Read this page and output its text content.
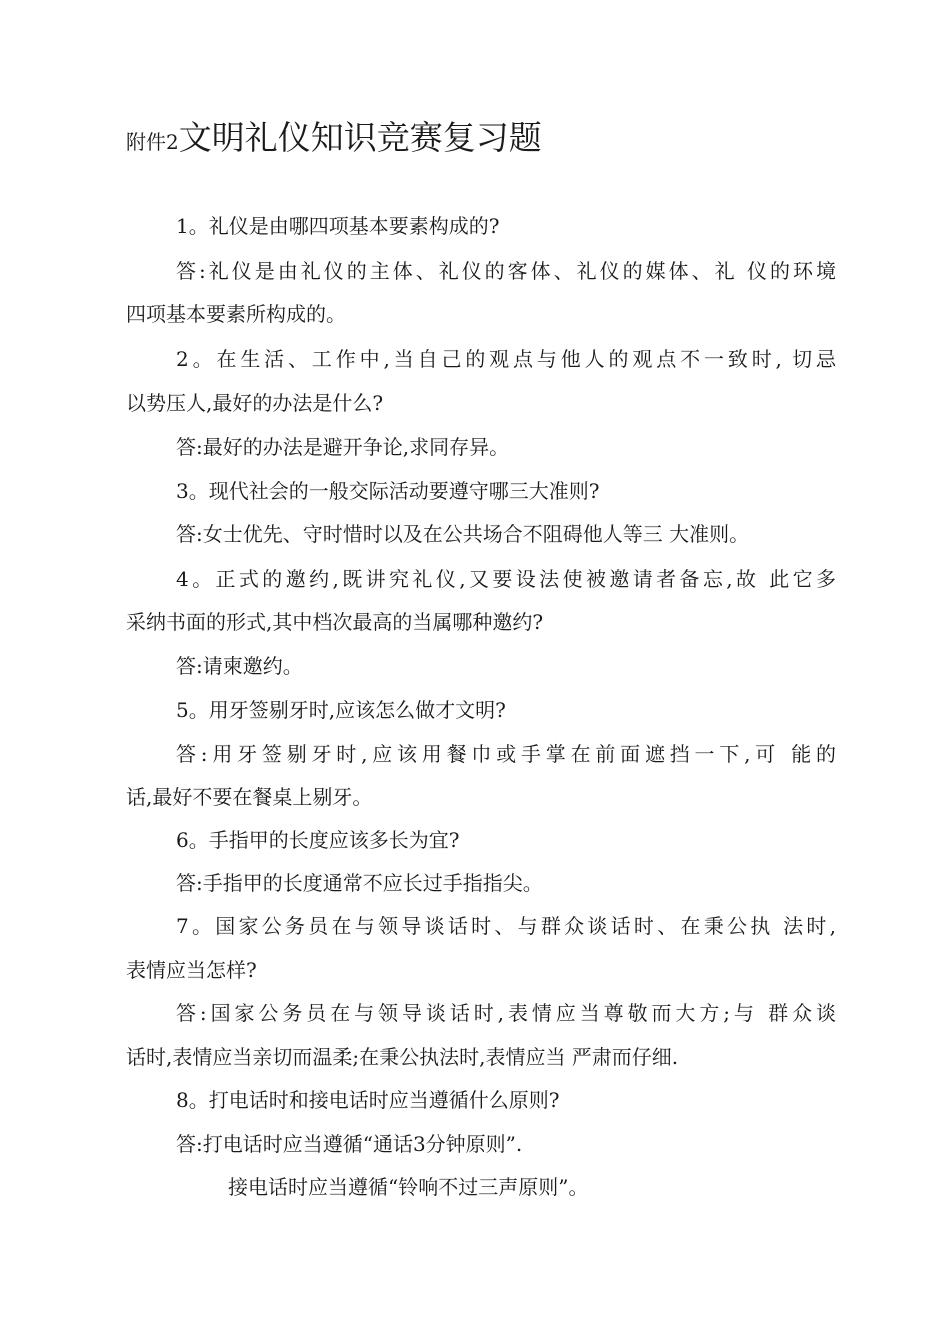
附件2文明礼仪知识竞赛复习题
1。礼仪是由哪四项基本要素构成的?
答:礼仪是由礼仪的主体、礼仪的客体、礼仪的媒体、礼 仪的环境
四项基本要素所构成的。
2。在生活、工作中,当自己的观点与他人的观点不一致时, 切忌
以势压人,最好的办法是什么?
答:最好的办法是避开争论,求同存异。
3。现代社会的一般交际活动要遵守哪三大准则?
答:女士优先、守时惜时以及在公共场合不阻碍他人等三 大准则。
4。正式的邀约,既讲究礼仪,又要设法使被邀请者备忘,故 此它多
采纳书面的形式,其中档次最高的当属哪种邀约?
答:请柬邀约。
5。用牙签剔牙时,应该怎么做才文明?
答:用牙签剔牙时,应该用餐巾或手掌在前面遮挡一下,可 能的
话,最好不要在餐桌上剔牙。
6。手指甲的长度应该多长为宜?
答:手指甲的长度通常不应长过手指指尖。
7。国家公务员在与领导谈话时、与群众谈话时、在秉公执 法时,
表情应当怎样?
答:国家公务员在与领导谈话时,表情应当尊敬而大方;与 群众谈
话时,表情应当亲切而温柔;在秉公执法时,表情应当 严肃而仔细.
8。打电话时和接电话时应当遵循什么原则?
答:打电话时应当遵循“通话3分钟原则”.
接电话时应当遵循“铃响不过三声原则”。
